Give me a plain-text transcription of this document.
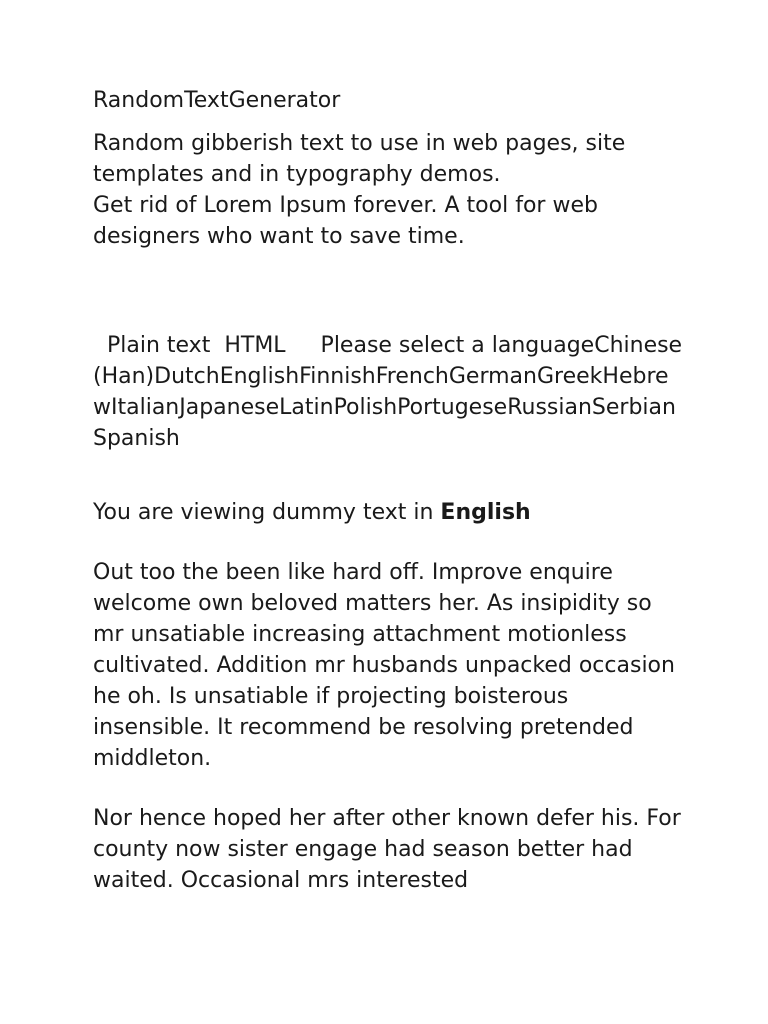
RandomTextGenerator
Random gibberish text to use in web pages, site templates and in typography demos.
Get rid of Lorem Ipsum forever. A tool for web designers who want to save time.
Plain text HTML Please select a languageChinese (Han)DutchEnglishFinnishFrenchGermanGreekHebrewItalianJapaneseLatinPolishPortugeseRussianSerbianSpanish
You are viewing dummy text in English
Out too the been like hard off. Improve enquire welcome own beloved matters her. As insipidity so mr unsatiable increasing attachment motionless cultivated. Addition mr husbands unpacked occasion he oh. Is unsatiable if projecting boisterous insensible. It recommend be resolving pretended middleton.
Nor hence hoped her after other known defer his. For county now sister engage had season better had waited. Occasional mrs interested
